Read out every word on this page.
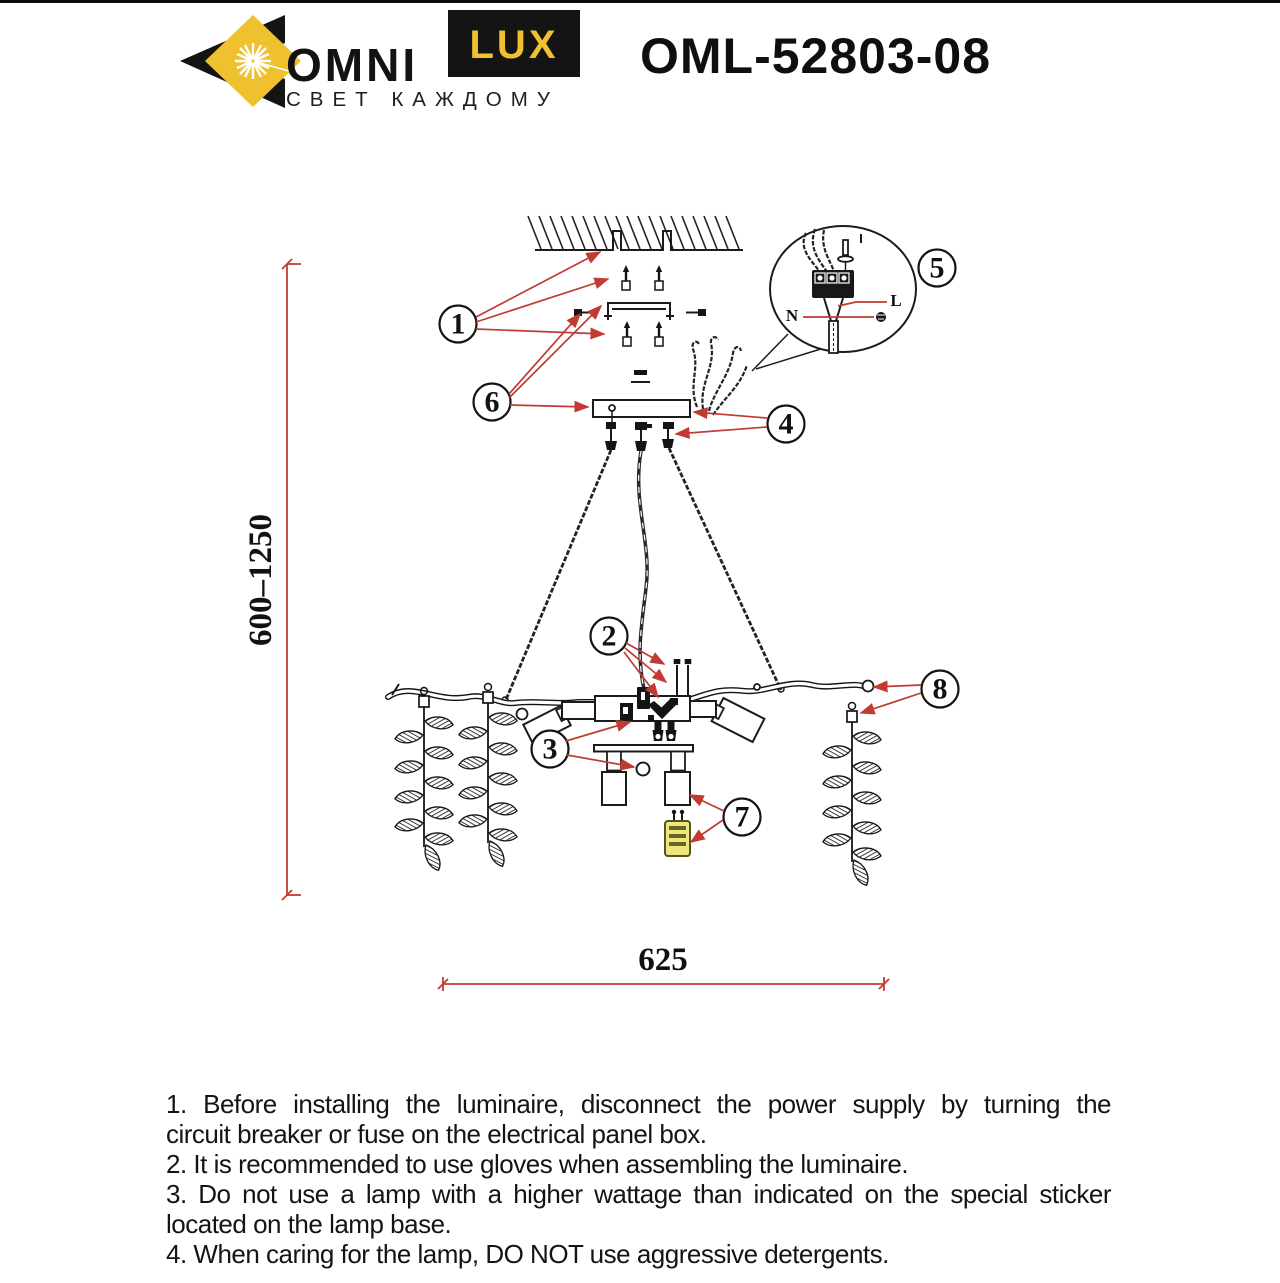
OMNI LUX
СВЕТ КАЖДОМУ
OML-52803-08
600–1250
L
N
1
2
3
4
5
6
7
8
625
1. Before installing the luminaire, disconnect the power supply by turning the
circuit breaker or fuse on the electrical panel box.
2. It is recommended to use gloves when assembling the luminaire.
3. Do not use a lamp with a higher wattage than indicated on the special sticker
located on the lamp base.
4. When caring for the lamp, DO NOT use aggressive detergents.
